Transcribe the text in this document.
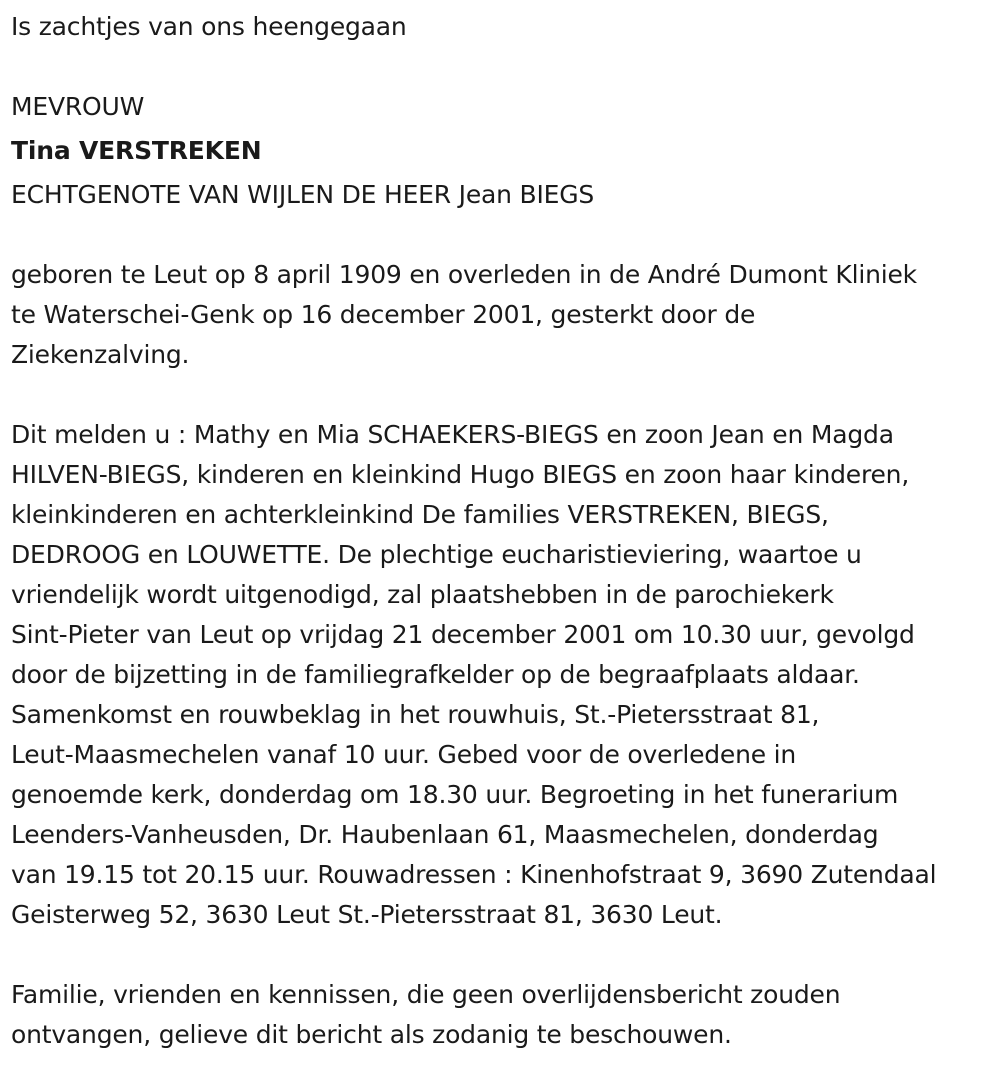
Is zachtjes van ons heengegaan
MEVROUW
Tina VERSTREKEN
ECHTGENOTE VAN WIJLEN DE HEER Jean BIEGS
geboren te Leut op 8 april 1909 en overleden in de André Dumont Kliniek
te Waterschei-Genk op 16 december 2001, gesterkt door de
Ziekenzalving.
Dit melden u : Mathy en Mia SCHAEKERS-BIEGS en zoon Jean en Magda
HILVEN-BIEGS, kinderen en kleinkind Hugo BIEGS en zoon haar kinderen,
kleinkinderen en achterkleinkind De families VERSTREKEN, BIEGS,
DEDROOG en LOUWETTE. De plechtige eucharistieviering, waartoe u
vriendelijk wordt uitgenodigd, zal plaatshebben in de parochiekerk
Sint-Pieter van Leut op vrijdag 21 december 2001 om 10.30 uur, gevolgd
door de bijzetting in de familiegrafkelder op de begraafplaats aldaar.
Samenkomst en rouwbeklag in het rouwhuis, St.-Pietersstraat 81,
Leut-Maasmechelen vanaf 10 uur. Gebed voor de overledene in
genoemde kerk, donderdag om 18.30 uur. Begroeting in het funerarium
Leenders-Vanheusden, Dr. Haubenlaan 61, Maasmechelen, donderdag
van 19.15 tot 20.15 uur. Rouwadressen : Kinenhofstraat 9, 3690 Zutendaal
Geisterweg 52, 3630 Leut St.-Pietersstraat 81, 3630 Leut.
Familie, vrienden en kennissen, die geen overlijdensbericht zouden
ontvangen, gelieve dit bericht als zodanig te beschouwen.
